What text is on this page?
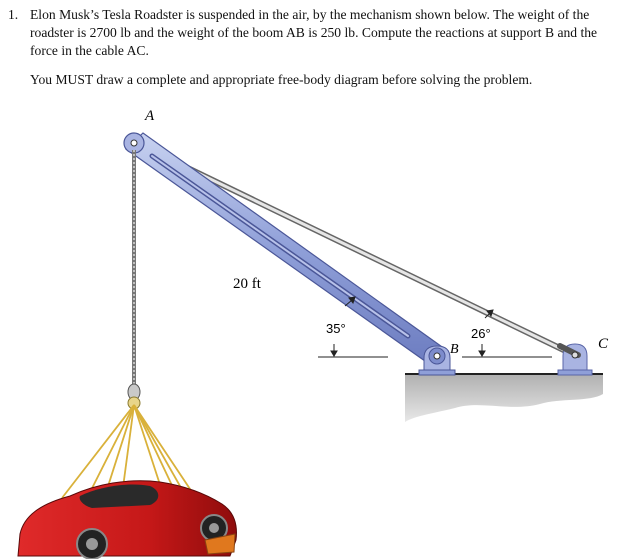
1. Elon Musk’s Tesla Roadster is suspended in the air, by the mechanism shown below. The weight of the roadster is 2700 lb and the weight of the boom AB is 250 lb. Compute the reactions at support B and the force in the cable AC.
You MUST draw a complete and appropriate free-body diagram before solving the problem.
A
B	C
20 ft
35°	26°
